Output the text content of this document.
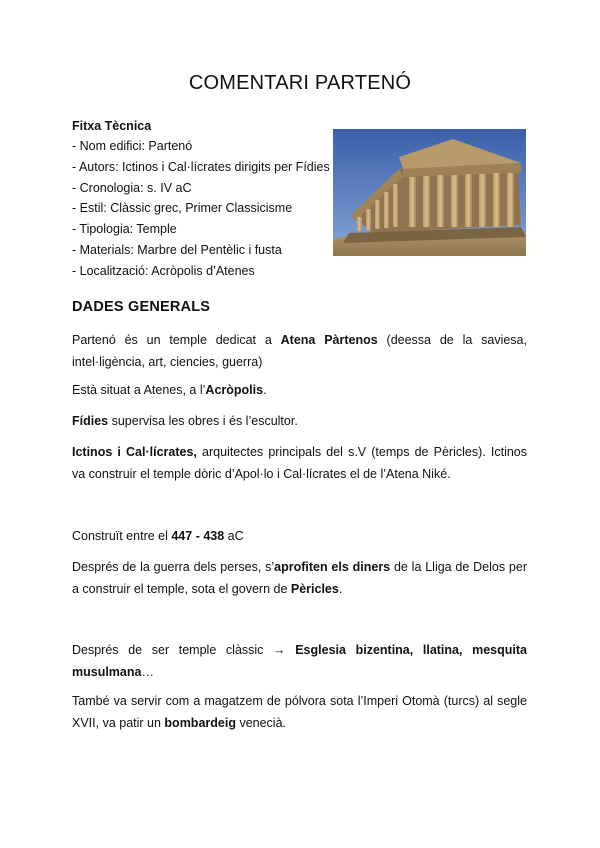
COMENTARI PARTENÓ
Fitxa Tècnica
- Nom edifici: Partenó
- Autors: Ictinos i Cal·lícrates dirigits per Fídies
- Cronologia: s. IV aC
- Estil: Clàssic grec, Primer Classicisme
- Tipologia: Temple
- Materials: Marbre del Pentèlic i fusta
- Localització: Acròpolis d’Atenes
DADES GENERALS
Partenó és un temple dedicat a Atena Pàrtenos (deessa de la saviesa, intel·ligència, art, ciencies, guerra)
Està situat a Atenes, a l’Acròpolis.
Fídies supervisa les obres i és l’escultor.
Ictinos i Cal·lícrates, arquitectes principals del s.V (temps de Pèricles). Ictinos va construir el temple dòric d’Apol·lo i Cal·lícrates el de l’Atena Niké.
Construït entre el 447 - 438 aC
Després de la guerra dels perses, s’aprofiten els diners de la Lliga de Delos per a construir el temple, sota el govern de Pèricles.
Després de ser temple clàssic → Esglesia bizentina, llatina, mesquita musulmana…
També va servir com a magatzem de pólvora sota l’Imperi Otomà (turcs) al segle XVII, va patir un bombardeig venecià.
